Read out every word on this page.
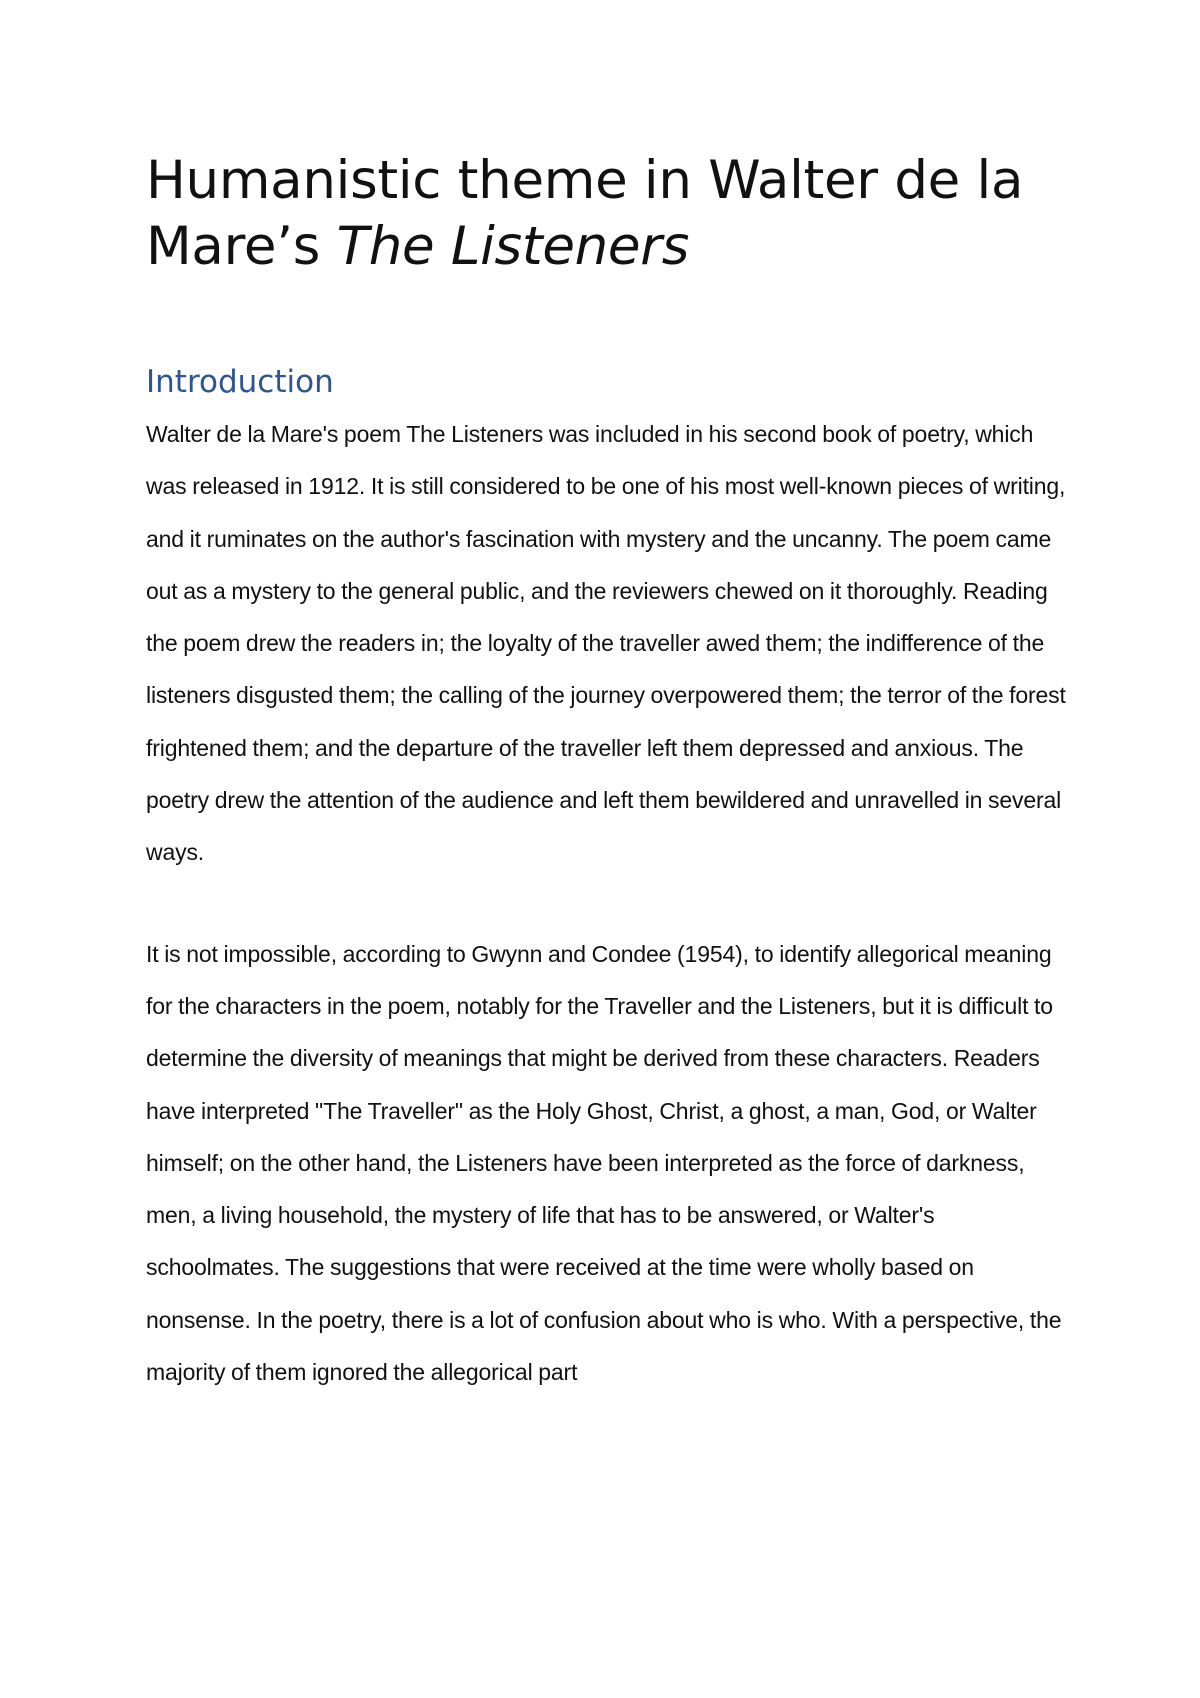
Humanistic theme in Walter de la Mare’s The Listeners
Introduction

Walter de la Mare's poem The Listeners was included in his second book of poetry, which was released in 1912. It is still considered to be one of his most well-known pieces of writing, and it ruminates on the author's fascination with mystery and the uncanny. The poem came out as a mystery to the general public, and the reviewers chewed on it thoroughly. Reading the poem drew the readers in; the loyalty of the traveller awed them; the indifference of the listeners disgusted them; the calling of the journey overpowered them; the terror of the forest frightened them; and the departure of the traveller left them depressed and anxious. The poetry drew the attention of the audience and left them bewildered and unravelled in several ways.

It is not impossible, according to Gwynn and Condee (1954), to identify allegorical meaning for the characters in the poem, notably for the Traveller and the Listeners, but it is difficult to determine the diversity of meanings that might be derived from these characters. Readers have interpreted "The Traveller" as the Holy Ghost, Christ, a ghost, a man, God, or Walter himself; on the other hand, the Listeners have been interpreted as the force of darkness, men, a living household, the mystery of life that has to be answered, or Walter's schoolmates. The suggestions that were received at the time were wholly based on nonsense. In the poetry, there is a lot of confusion about who is who. With a perspective, the majority of them ignored the allegorical part
